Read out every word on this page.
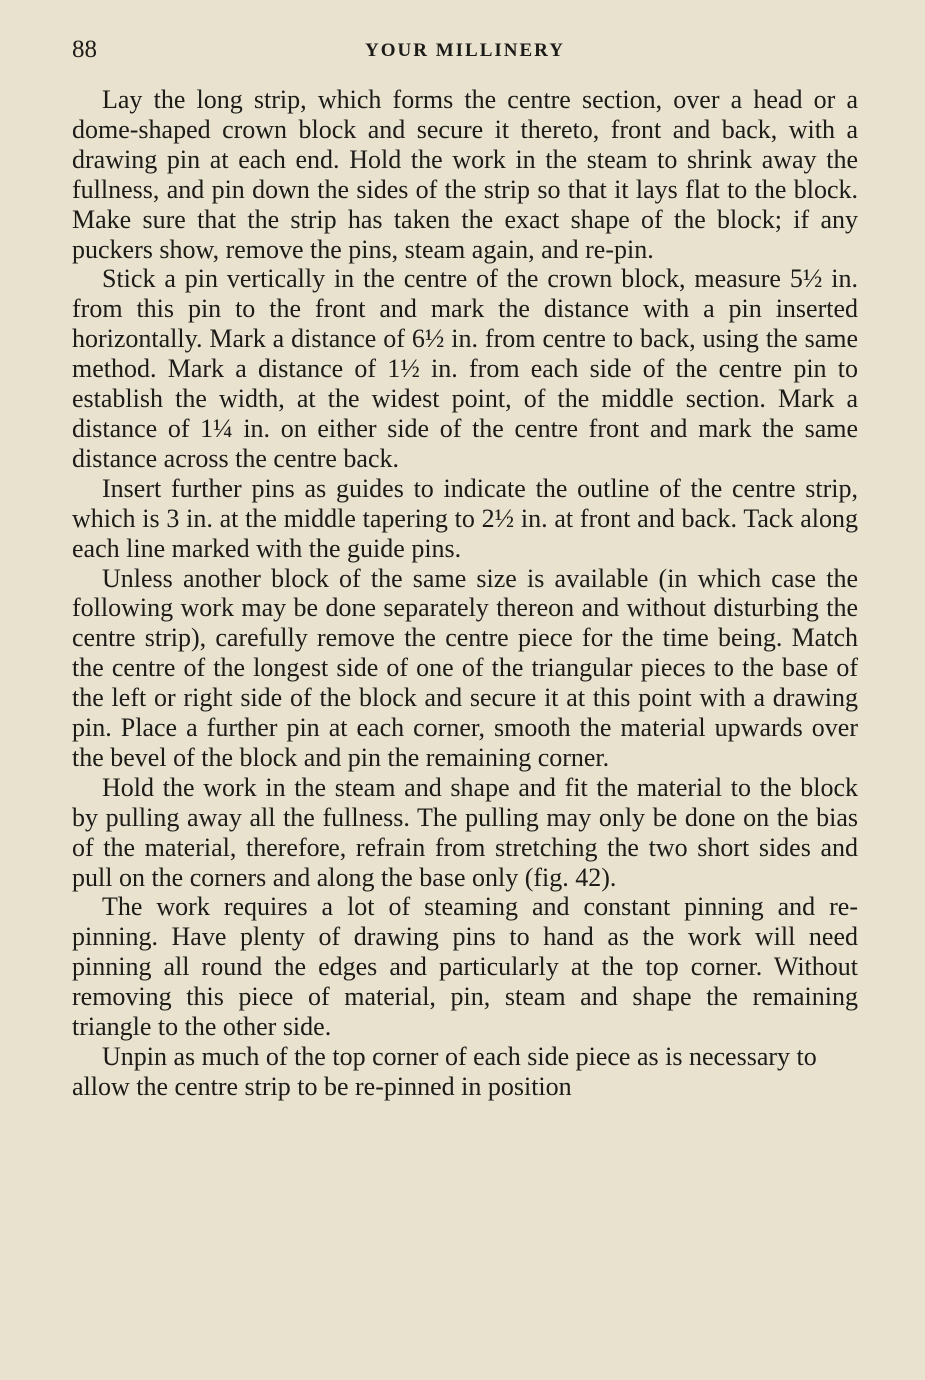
88	YOUR MILLINERY

Lay the long strip, which forms the centre section, over a head or a dome-shaped crown block and secure it thereto, front and back, with a drawing pin at each end. Hold the work in the steam to shrink away the fullness, and pin down the sides of the strip so that it lays flat to the block. Make sure that the strip has taken the exact shape of the block; if any puckers show, remove the pins, steam again, and re-pin.

Stick a pin vertically in the centre of the crown block, measure 5½ in. from this pin to the front and mark the distance with a pin inserted horizontally. Mark a distance of 6½ in. from centre to back, using the same method. Mark a distance of 1½ in. from each side of the centre pin to establish the width, at the widest point, of the middle section. Mark a distance of 1¼ in. on either side of the centre front and mark the same distance across the centre back.

Insert further pins as guides to indicate the outline of the centre strip, which is 3 in. at the middle tapering to 2½ in. at front and back. Tack along each line marked with the guide pins.

Unless another block of the same size is available (in which case the following work may be done separately thereon and without disturbing the centre strip), carefully remove the centre piece for the time being. Match the centre of the longest side of one of the triangular pieces to the base of the left or right side of the block and secure it at this point with a drawing pin. Place a further pin at each corner, smooth the material upwards over the bevel of the block and pin the remaining corner.

Hold the work in the steam and shape and fit the material to the block by pulling away all the fullness. The pulling may only be done on the bias of the material, therefore, refrain from stretching the two short sides and pull on the corners and along the base only (fig. 42).

The work requires a lot of steaming and constant pinning and re-pinning. Have plenty of drawing pins to hand as the work will need pinning all round the edges and particularly at the top corner. Without removing this piece of material, pin, steam and shape the remaining triangle to the other side.

Unpin as much of the top corner of each side piece as is necessary to allow the centre strip to be re-pinned in position
